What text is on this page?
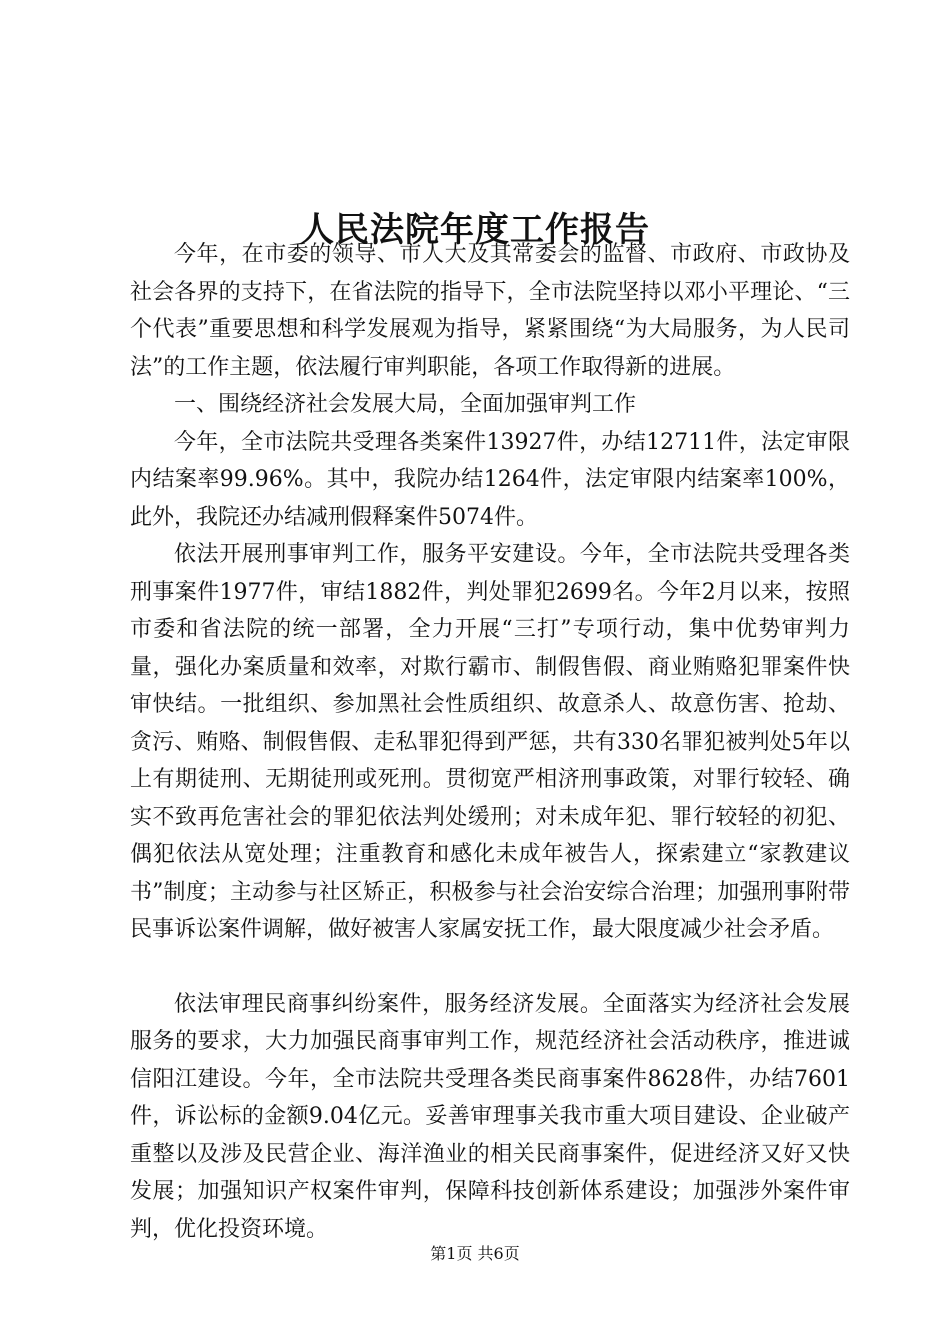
人民法院年度工作报告

今年，在市委的领导、市人大及其常委会的监督、市政府、市政协及社会各界的支持下，在省法院的指导下，全市法院坚持以邓小平理论、“三个代表”重要思想和科学发展观为指导，紧紧围绕“为大局服务，为人民司法”的工作主题，依法履行审判职能，各项工作取得新的进展。

一、围绕经济社会发展大局，全面加强审判工作

今年，全市法院共受理各类案件13927件，办结12711件，法定审限内结案率99.96%。其中，我院办结1264件，法定审限内结案率100%，此外，我院还办结减刑假释案件5074件。

依法开展刑事审判工作，服务平安建设。今年，全市法院共受理各类刑事案件1977件，审结1882件，判处罪犯2699名。今年2月以来，按照市委和省法院的统一部署，全力开展“三打”专项行动，集中优势审判力量，强化办案质量和效率，对欺行霸市、制假售假、商业贿赂犯罪案件快审快结。一批组织、参加黑社会性质组织、故意杀人、故意伤害、抢劫、贪污、贿赂、制假售假、走私罪犯得到严惩，共有330名罪犯被判处5年以上有期徒刑、无期徒刑或死刑。贯彻宽严相济刑事政策，对罪行较轻、确实不致再危害社会的罪犯依法判处缓刑；对未成年犯、罪行较轻的初犯、偶犯依法从宽处理；注重教育和感化未成年被告人，探索建立“家教建议书”制度；主动参与社区矫正，积极参与社会治安综合治理；加强刑事附带民事诉讼案件调解，做好被害人家属安抚工作，最大限度减少社会矛盾。

依法审理民商事纠纷案件，服务经济发展。全面落实为经济社会发展服务的要求，大力加强民商事审判工作，规范经济社会活动秩序，推进诚信阳江建设。今年，全市法院共受理各类民商事案件8628件，办结7601件，诉讼标的金额9.04亿元。妥善审理事关我市重大项目建设、企业破产重整以及涉及民营企业、海洋渔业的相关民商事案件，促进经济又好又快发展；加强知识产权案件审判，保障科技创新体系建设；加强涉外案件审判，优化投资环境。

第1页 共6页
